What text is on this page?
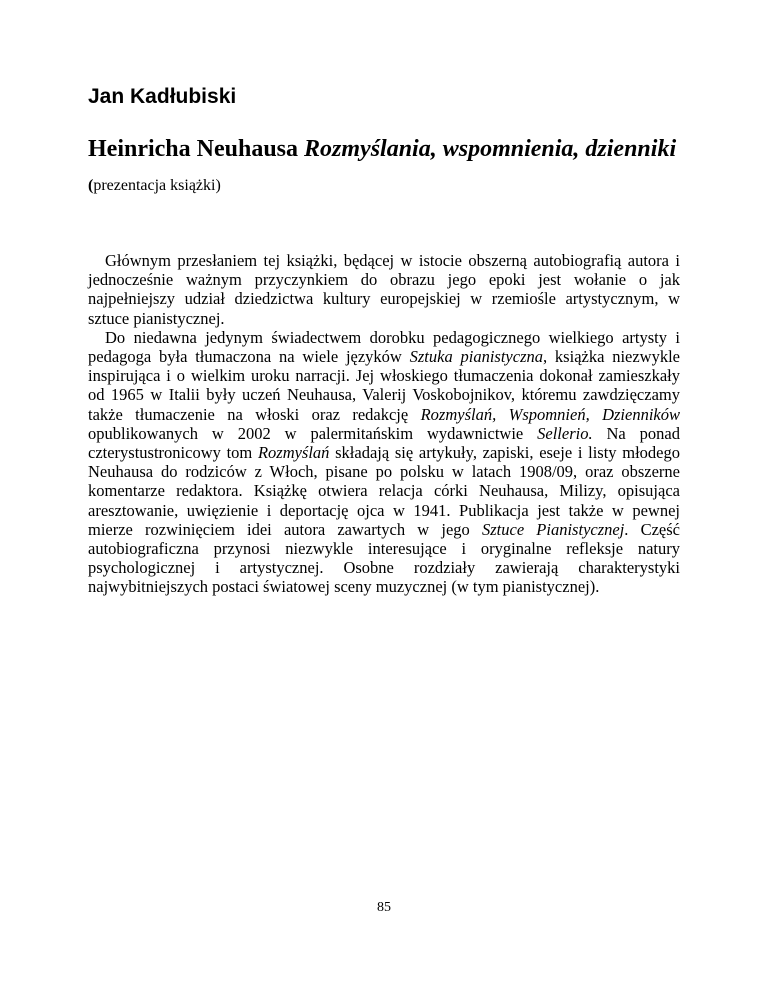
Jan Kadłubiski
Heinricha Neuhausa Rozmyślania, wspomnienia, dzienniki
(prezentacja książki)

Głównym przesłaniem tej książki, będącej w istocie obszerną autobiografią autora i jednocześnie ważnym przyczynkiem do obrazu jego epoki jest wołanie o jak najpełniejszy udział dziedzictwa kultury europejskiej w rzemiośle artystycznym, w sztuce pianistycznej.

Do niedawna jedynym świadectwem dorobku pedagogicznego wielkiego artysty i pedagoga była tłumaczona na wiele języków Sztuka pianistyczna, książka niezwykle inspirująca i o wielkim uroku narracji. Jej włoskiego tłumaczenia dokonał zamieszkały od 1965 w Italii były uczeń Neuhausa, Valerij Voskobojnikov, któremu zawdzięczamy także tłumaczenie na włoski oraz redakcję Rozmyślań, Wspomnień, Dzienników opublikowanych w 2002 w palermitańskim wydawnictwie Sellerio. Na ponad czterystustronicowy tom Rozmyślań składają się artykuły, zapiski, eseje i listy młodego Neuhausa do rodziców z Włoch, pisane po polsku w latach 1908/09, oraz obszerne komentarze redaktora. Książkę otwiera relacja córki Neuhausa, Milizy, opisująca aresztowanie, uwięzienie i deportację ojca w 1941. Publikacja jest także w pewnej mierze rozwinięciem idei autora zawartych w jego Sztuce Pianistycznej. Część autobiograficzna przynosi niezwykle interesujące i oryginalne refleksje natury psychologicznej i artystycznej. Osobne rozdziały zawierają charakterystyki najwybitniejszych postaci światowej sceny muzycznej (w tym pianistycznej).

85
